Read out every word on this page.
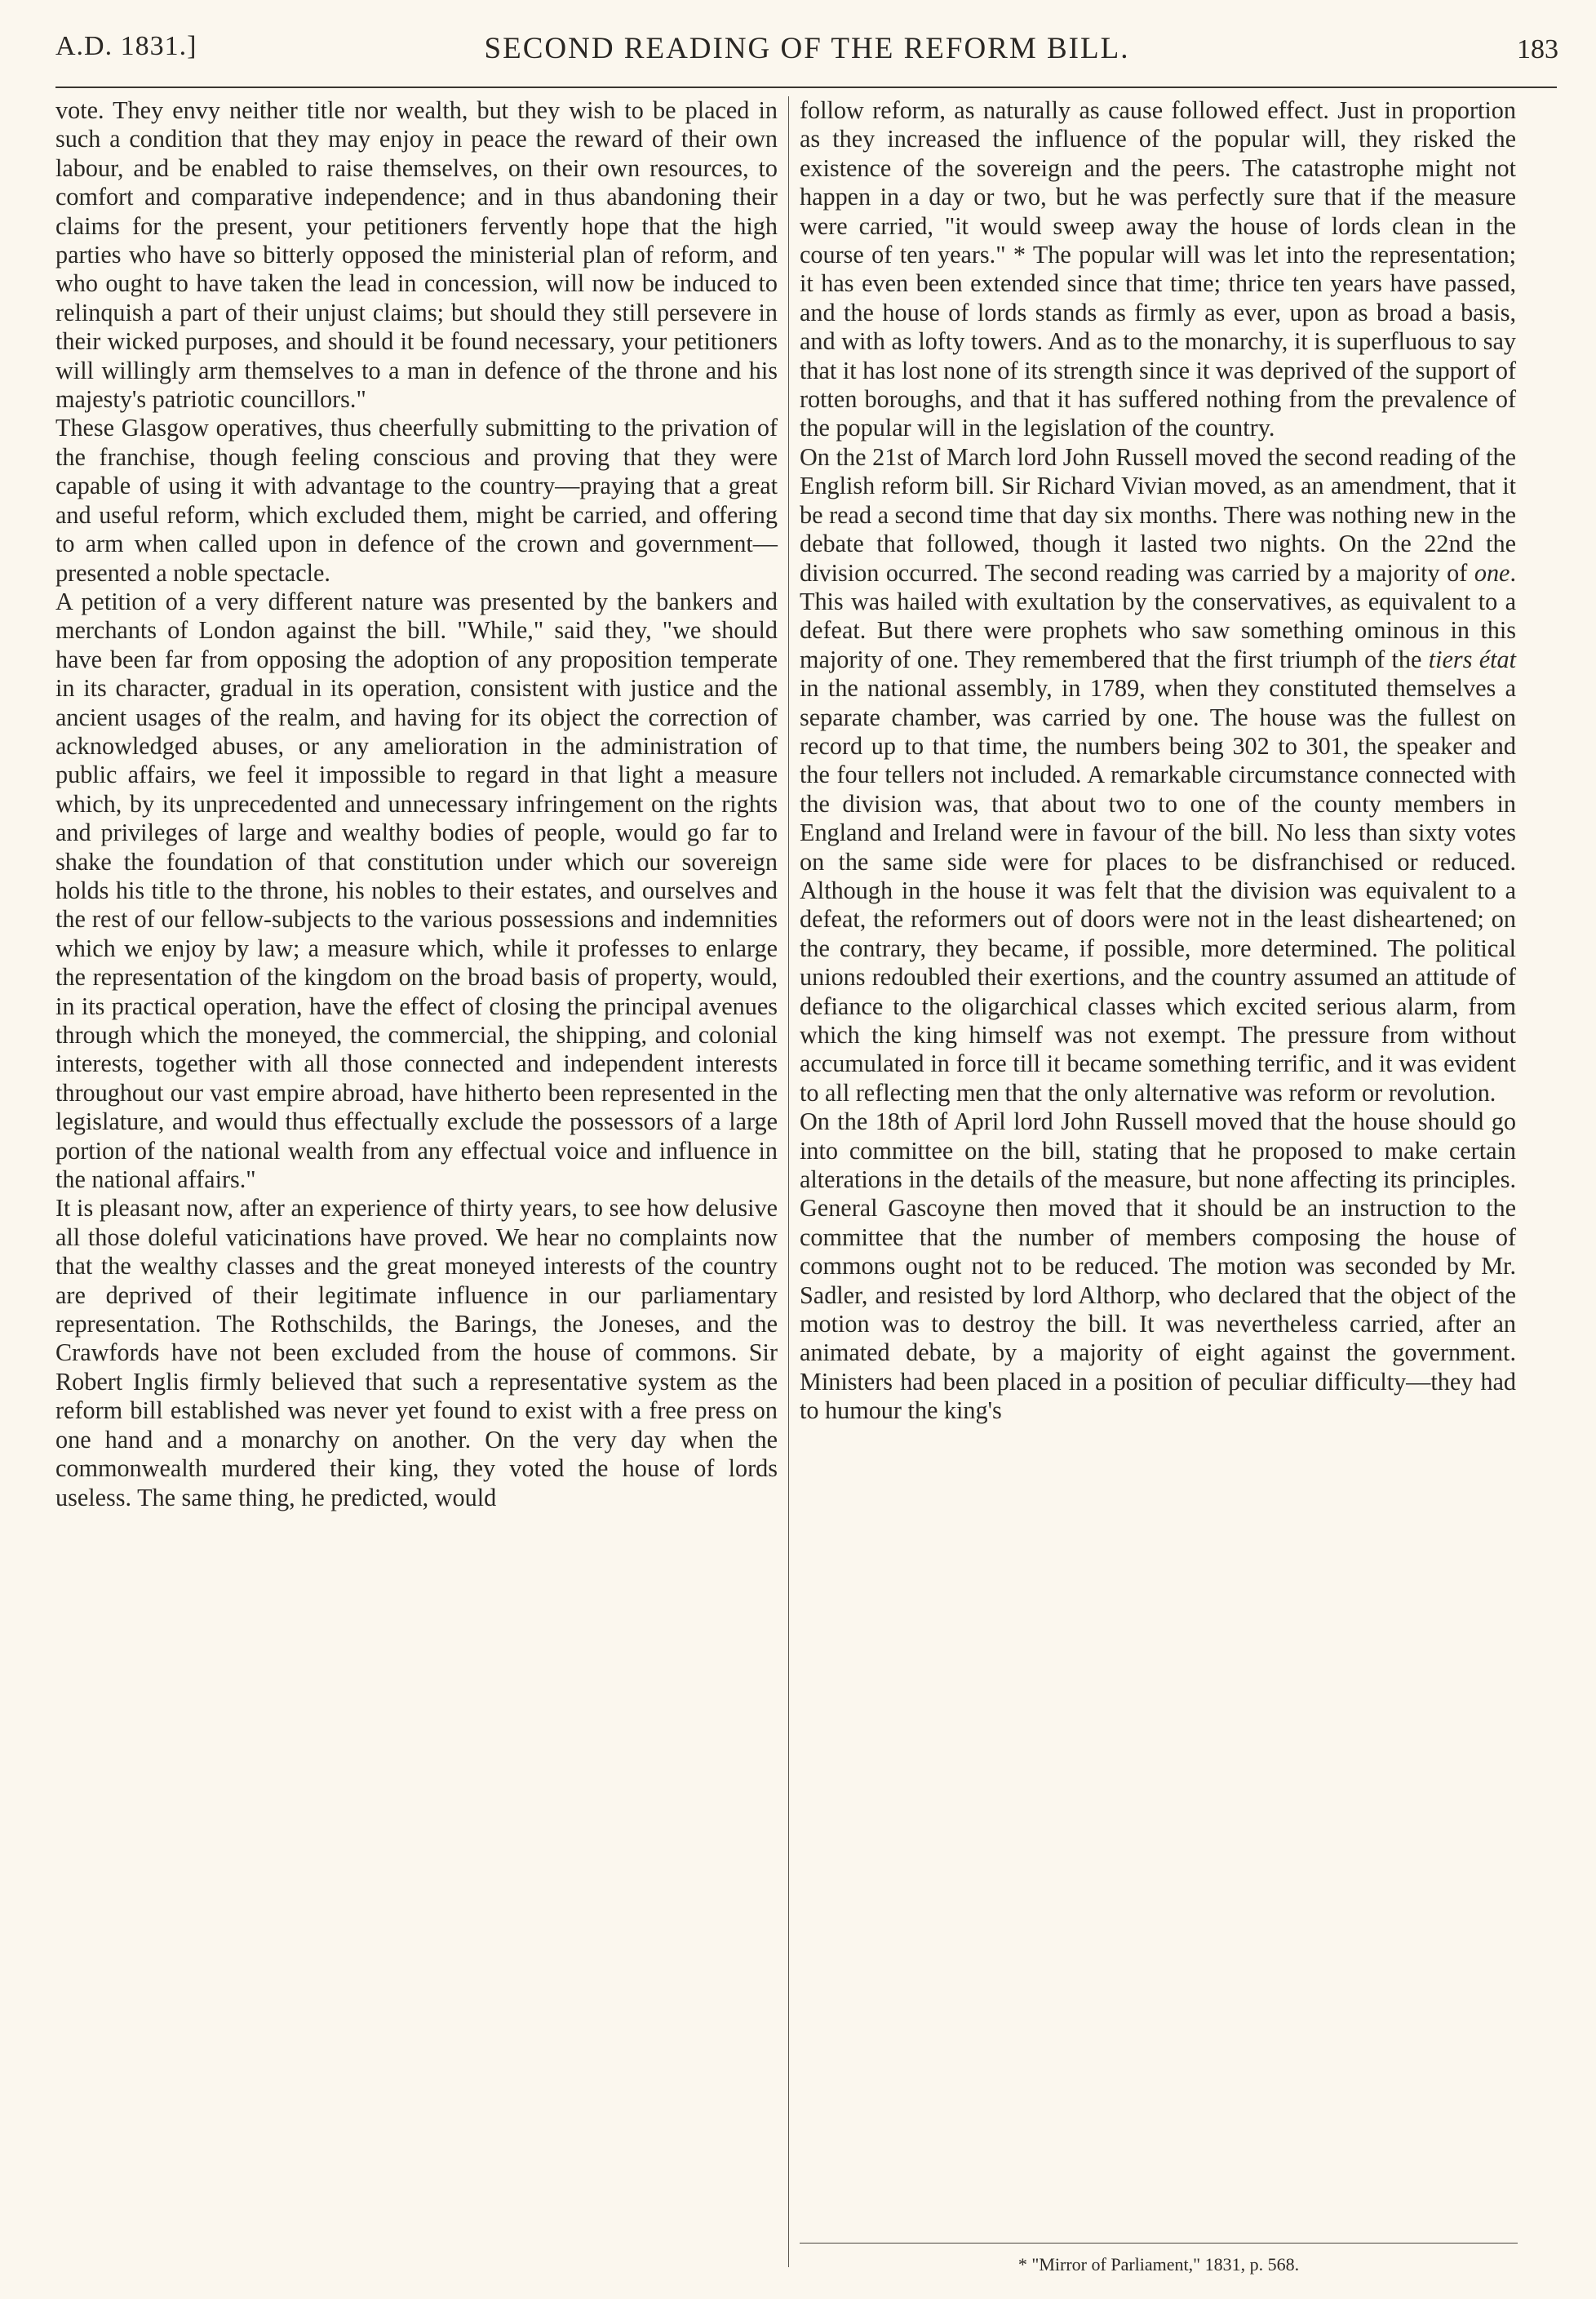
A.D. 1831.]	SECOND READING OF THE REFORM BILL.	183

vote. They envy neither title nor wealth, but they wish to be placed in such a condition that they may enjoy in peace the reward of their own labour, and be enabled to raise themselves, on their own resources, to comfort and comparative independence; and in thus abandoning their claims for the present, your petitioners fervently hope that the high parties who have so bitterly opposed the ministerial plan of reform, and who ought to have taken the lead in concession, will now be induced to relinquish a part of their unjust claims; but should they still persevere in their wicked purposes, and should it be found necessary, your petitioners will willingly arm themselves to a man in defence of the throne and his majesty's patriotic councillors."

These Glasgow operatives, thus cheerfully submitting to the privation of the franchise, though feeling conscious and proving that they were capable of using it with advantage to the country—praying that a great and useful reform, which excluded them, might be carried, and offering to arm when called upon in defence of the crown and government—presented a noble spectacle.

A petition of a very different nature was presented by the bankers and merchants of London against the bill. "While," said they, "we should have been far from opposing the adoption of any proposition temperate in its character, gradual in its operation, consistent with justice and the ancient usages of the realm, and having for its object the correction of acknowledged abuses, or any amelioration in the administration of public affairs, we feel it impossible to regard in that light a measure which, by its unprecedented and unnecessary infringement on the rights and privileges of large and wealthy bodies of people, would go far to shake the foundation of that constitution under which our sovereign holds his title to the throne, his nobles to their estates, and ourselves and the rest of our fellow-subjects to the various possessions and indemnities which we enjoy by law; a measure which, while it professes to enlarge the representation of the kingdom on the broad basis of property, would, in its practical operation, have the effect of closing the principal avenues through which the moneyed, the commercial, the shipping, and colonial interests, together with all those connected and independent interests throughout our vast empire abroad, have hitherto been represented in the legislature, and would thus effectually exclude the possessors of a large portion of the national wealth from any effectual voice and influence in the national affairs."

It is pleasant now, after an experience of thirty years, to see how delusive all those doleful vaticinations have proved. We hear no complaints now that the wealthy classes and the great moneyed interests of the country are deprived of their legitimate influence in our parliamentary representation. The Rothschilds, the Barings, the Joneses, and the Crawfords have not been excluded from the house of commons. Sir Robert Inglis firmly believed that such a representative system as the reform bill established was never yet found to exist with a free press on one hand and a monarchy on another. On the very day when the commonwealth murdered their king, they voted the house of lords useless. The same thing, he predicted, would

follow reform, as naturally as cause followed effect. Just in proportion as they increased the influence of the popular will, they risked the existence of the sovereign and the peers. The catastrophe might not happen in a day or two, but he was perfectly sure that if the measure were carried, "it would sweep away the house of lords clean in the course of ten years." * The popular will was let into the representation; it has even been extended since that time; thrice ten years have passed, and the house of lords stands as firmly as ever, upon as broad a basis, and with as lofty towers. And as to the monarchy, it is superfluous to say that it has lost none of its strength since it was deprived of the support of rotten boroughs, and that it has suffered nothing from the prevalence of the popular will in the legislation of the country.

On the 21st of March lord John Russell moved the second reading of the English reform bill. Sir Richard Vivian moved, as an amendment, that it be read a second time that day six months. There was nothing new in the debate that followed, though it lasted two nights. On the 22nd the division occurred. The second reading was carried by a majority of one. This was hailed with exultation by the conservatives, as equivalent to a defeat. But there were prophets who saw something ominous in this majority of one. They remembered that the first triumph of the tiers état in the national assembly, in 1789, when they constituted themselves a separate chamber, was carried by one. The house was the fullest on record up to that time, the numbers being 302 to 301, the speaker and the four tellers not included. A remarkable circumstance connected with the division was, that about two to one of the county members in England and Ireland were in favour of the bill. No less than sixty votes on the same side were for places to be disfranchised or reduced. Although in the house it was felt that the division was equivalent to a defeat, the reformers out of doors were not in the least disheartened; on the contrary, they became, if possible, more determined. The political unions redoubled their exertions, and the country assumed an attitude of defiance to the oligarchical classes which excited serious alarm, from which the king himself was not exempt. The pressure from without accumulated in force till it became something terrific, and it was evident to all reflecting men that the only alternative was reform or revolution.

On the 18th of April lord John Russell moved that the house should go into committee on the bill, stating that he proposed to make certain alterations in the details of the measure, but none affecting its principles. General Gascoyne then moved that it should be an instruction to the committee that the number of members composing the house of commons ought not to be reduced. The motion was seconded by Mr. Sadler, and resisted by lord Althorp, who declared that the object of the motion was to destroy the bill. It was nevertheless carried, after an animated debate, by a majority of eight against the government. Ministers had been placed in a position of peculiar difficulty—they had to humour the king's

* "Mirror of Parliament," 1831, p. 568.
